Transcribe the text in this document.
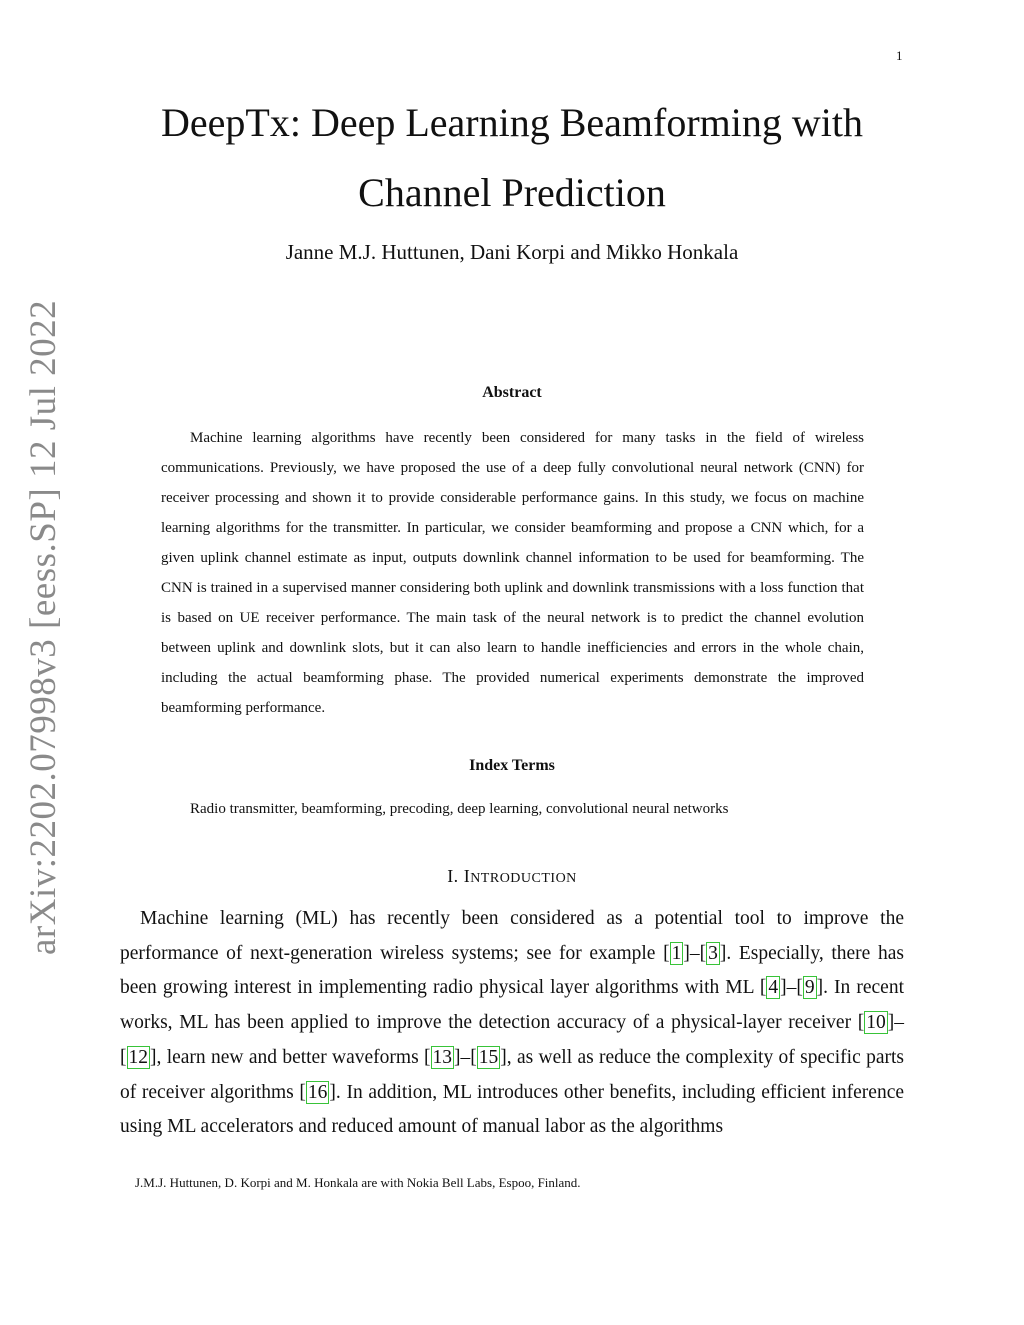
1
arXiv:2202.07998v3 [eess.SP] 12 Jul 2022
DeepTx: Deep Learning Beamforming with
Channel Prediction
Janne M.J. Huttunen, Dani Korpi and Mikko Honkala
Abstract

Machine learning algorithms have recently been considered for many tasks in the field of wireless communications. Previously, we have proposed the use of a deep fully convolutional neural network (CNN) for receiver processing and shown it to provide considerable performance gains. In this study, we focus on machine learning algorithms for the transmitter. In particular, we consider beamforming and propose a CNN which, for a given uplink channel estimate as input, outputs downlink channel information to be used for beamforming. The CNN is trained in a supervised manner considering both uplink and downlink transmissions with a loss function that is based on UE receiver performance. The main task of the neural network is to predict the channel evolution between uplink and downlink slots, but it can also learn to handle inefficiencies and errors in the whole chain, including the actual beamforming phase. The provided numerical experiments demonstrate the improved beamforming performance.

Index Terms
Radio transmitter, beamforming, precoding, deep learning, convolutional neural networks
I. INTRODUCTION

Machine learning (ML) has recently been considered as a potential tool to improve the performance of next-generation wireless systems; see for example [ 1 ]–[ 3 ]. Especially, there has been growing interest in implementing radio physical layer algorithms with ML [ 4 ]–[ 9 ]. In recent works, ML has been applied to improve the detection accuracy of a physical-layer receiver [ 10 ]–[ 12 ], learn new and better waveforms [ 13 ]–[ 15 ], as well as reduce the complexity of specific parts of receiver algorithms [ 16 ]. In addition, ML introduces other benefits, including efficient inference using ML accelerators and reduced amount of manual labor as the algorithms

J.M.J. Huttunen, D. Korpi and M. Honkala are with Nokia Bell Labs, Espoo, Finland.
